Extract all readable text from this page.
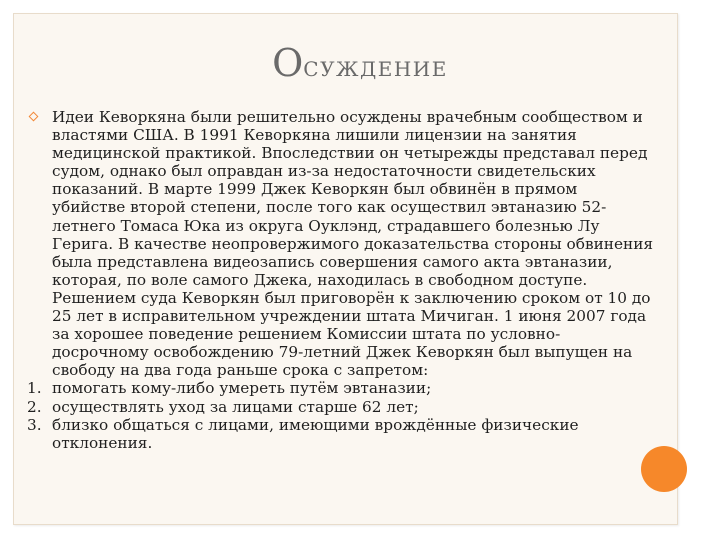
Осуждение
Идеи Кеворкяна были решительно осуждены врачебным сообществом и властями США. В 1991 Кеворкяна лишили лицензии на занятия медицинской практикой. Впоследствии он четырежды представал перед судом, однако был оправдан из-за недостаточности свидетельских показаний. В марте 1999 Джек Кеворкян был обвинён в прямом убийстве второй степени, после того как осуществил эвтаназию 52-летнего Томаса Юка из округа Оуклэнд, страдавшего болезнью Лу Герига. В качестве неопровержимого доказательства стороны обвинения была представлена видеозапись совершения самого акта эвтаназии, которая, по воле самого Джека, находилась в свободном доступе. Решением суда Кеворкян был приговорён к заключению сроком от 10 до 25 лет в исправительном учреждении штата Мичиган. 1 июня 2007 года за хорошее поведение решением Комиссии штата по условно-досрочному освобождению 79-летний Джек Кеворкян был выпущен на свободу на два года раньше срока с запретом:
1. помогать кому-либо умереть путём эвтаназии;
2. осуществлять уход за лицами старше 62 лет;
3. близко общаться с лицами, имеющими врождённые физические отклонения.
